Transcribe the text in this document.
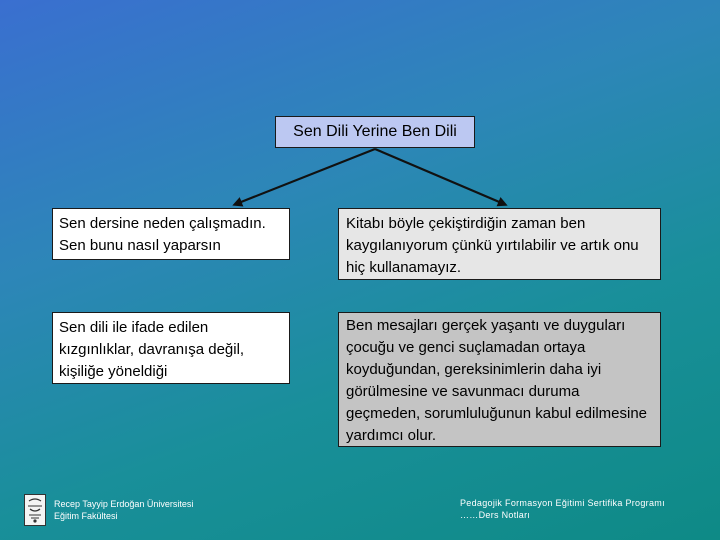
Sen Dili Yerine Ben Dili
Sen dersine neden çalışmadın.
Sen bunu nasıl yaparsın
Kitabı böyle çekiştirdiğin zaman ben kaygılanıyorum çünkü yırtılabilir ve artık onu hiç kullanamayız.
Sen dili ile ifade edilen kızgınlıklar, davranışa değil, kişiliğe yöneldiği
Ben mesajları gerçek yaşantı ve duyguları çocuğu ve genci suçlamadan ortaya koyduğundan, gereksinimlerin daha iyi görülmesine ve savunmacı duruma geçmeden, sorumluluğunun kabul edilmesine yardımcı olur.
Recep Tayyip Erdoğan Üniversitesi
Eğitim Fakültesi
Pedagojik Formasyon Eğitimi Sertifika Programı
……Ders Notları
